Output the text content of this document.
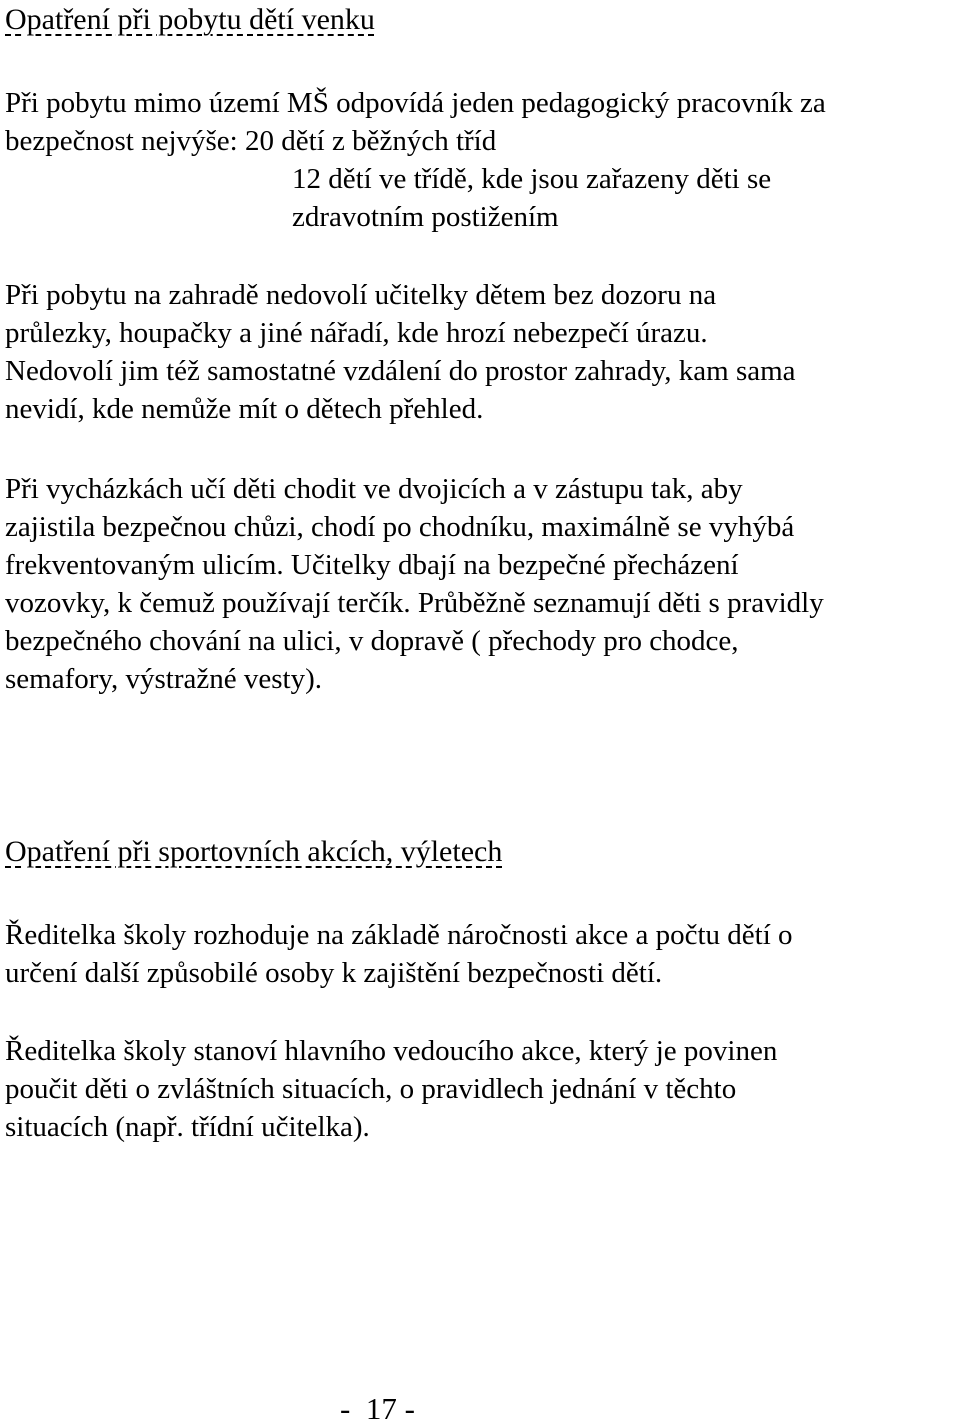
Opatření při pobytu dětí venku

Při pobytu mimo území MŠ odpovídá jeden pedagogický pracovník za
bezpečnost nejvýše: 20 dětí z běžných tříd
12 dětí ve třídě, kde jsou zařazeny děti se
zdravotním postižením

Při pobytu na zahradě nedovolí učitelky dětem bez dozoru na
průlezky, houpačky a jiné nářadí, kde hrozí nebezpečí úrazu.
Nedovolí jim též samostatné vzdálení do prostor zahrady, kam sama
nevidí, kde nemůže mít o dětech přehled.

Při vycházkách učí děti chodit ve dvojicích a v zástupu tak, aby
zajistila bezpečnou chůzi, chodí po chodníku, maximálně se vyhýbá
frekventovaným ulicím. Učitelky dbají na bezpečné přecházení
vozovky, k čemuž používají terčík. Průběžně seznamují děti s pravidly
bezpečného chování na ulici, v dopravě ( přechody pro chodce,
semafory, výstražné vesty).

Opatření při sportovních akcích, výletech

Ředitelka školy rozhoduje na základě náročnosti akce a počtu dětí o
určení další způsobilé osoby k zajištění bezpečnosti dětí.

Ředitelka školy stanoví hlavního vedoucího akce, který je povinen
poučit děti o zvláštních situacích, o pravidlech jednání v těchto
situacích (např. třídní učitelka).

-  17 -
